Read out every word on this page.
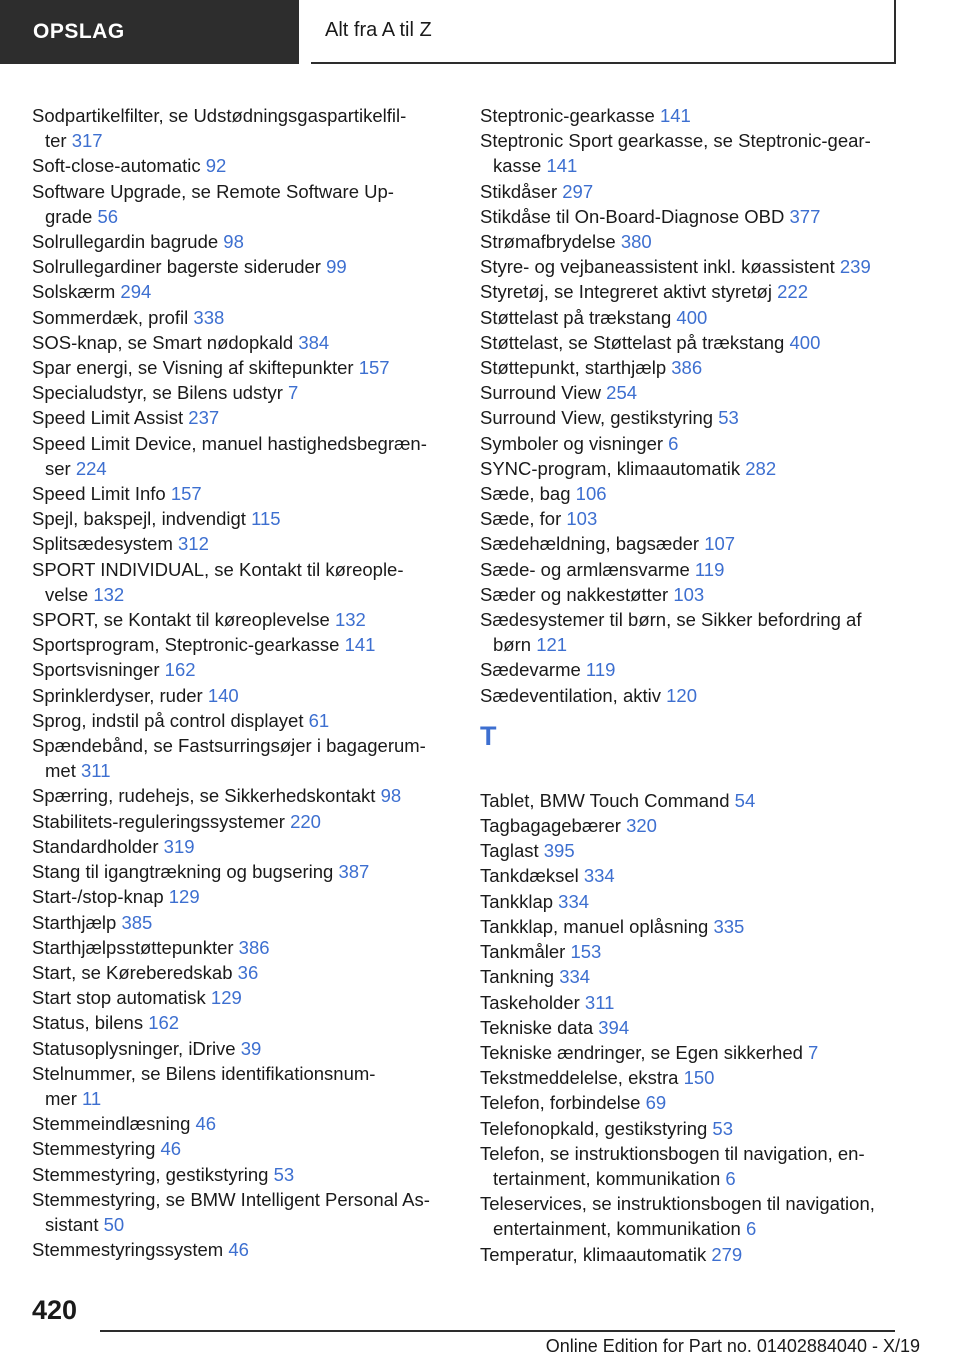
OPSLAG	Alt fra A til Z
Sodpartikelfilter, se Udstødningsgaspartikelfil-
ter 317
Soft-close-automatic 92
Software Upgrade, se Remote Software Up-
grade 56
Solrullegardin bagrude 98
Solrullegardiner bagerste sideruder 99
Solskærm 294
Sommerdæk, profil 338
SOS-knap, se Smart nødopkald 384
Spar energi, se Visning af skiftepunkter 157
Specialudstyr, se Bilens udstyr 7
Speed Limit Assist 237
Speed Limit Device, manuel hastighedsbegræn-
ser 224
Speed Limit Info 157
Spejl, bakspejl, indvendigt 115
Splitsædesystem 312
SPORT INDIVIDUAL, se Kontakt til køreople-
velse 132
SPORT, se Kontakt til køreoplevelse 132
Sportsprogram, Steptronic-gearkasse 141
Sportsvisninger 162
Sprinklerdyser, ruder 140
Sprog, indstil på control displayet 61
Spændebånd, se Fastsurringsøjer i bagagerum-
met 311
Spærring, rudehejs, se Sikkerhedskontakt 98
Stabilitets-reguleringssystemer 220
Standardholder 319
Stang til igangtrækning og bugsering 387
Start-/stop-knap 129
Starthjælp 385
Starthjælpsstøttepunkter 386
Start, se Køreberedskab 36
Start stop automatisk 129
Status, bilens 162
Statusoplysninger, iDrive 39
Stelnummer, se Bilens identifikationsnum-
mer 11
Stemmeindlæsning 46
Stemmestyring 46
Stemmestyring, gestikstyring 53
Stemmestyring, se BMW Intelligent Personal As-
sistant 50
Stemmestyringssystem 46
Steptronic-gearkasse 141
Steptronic Sport gearkasse, se Steptronic-gear-
kasse 141
Stikdåser 297
Stikdåse til On-Board-Diagnose OBD 377
Strømafbrydelse 380
Styre- og vejbaneassistent inkl. køassistent 239
Styretøj, se Integreret aktivt styretøj 222
Støttelast på trækstang 400
Støttelast, se Støttelast på trækstang 400
Støttepunkt, starthjælp 386
Surround View 254
Surround View, gestikstyring 53
Symboler og visninger 6
SYNC-program, klimaautomatik 282
Sæde, bag 106
Sæde, for 103
Sædehældning, bagsæder 107
Sæde- og armlænsvarme 119
Sæder og nakkestøtter 103
Sædesystemer til børn, se Sikker befordring af
børn 121
Sædevarme 119
Sædeventilation, aktiv 120
T
Tablet, BMW Touch Command 54
Tagbagagebærer 320
Taglast 395
Tankdæksel 334
Tankklap 334
Tankklap, manuel oplåsning 335
Tankmåler 153
Tankning 334
Taskeholder 311
Tekniske data 394
Tekniske ændringer, se Egen sikkerhed 7
Tekstmeddelelse, ekstra 150
Telefon, forbindelse 69
Telefonopkald, gestikstyring 53
Telefon, se instruktionsbogen til navigation, en-
tertainment, kommunikation 6
Teleservices, se instruktionsbogen til navigation,
entertainment, kommunikation 6
Temperatur, klimaautomatik 279
420
Online Edition for Part no. 01402884040 - X/19
